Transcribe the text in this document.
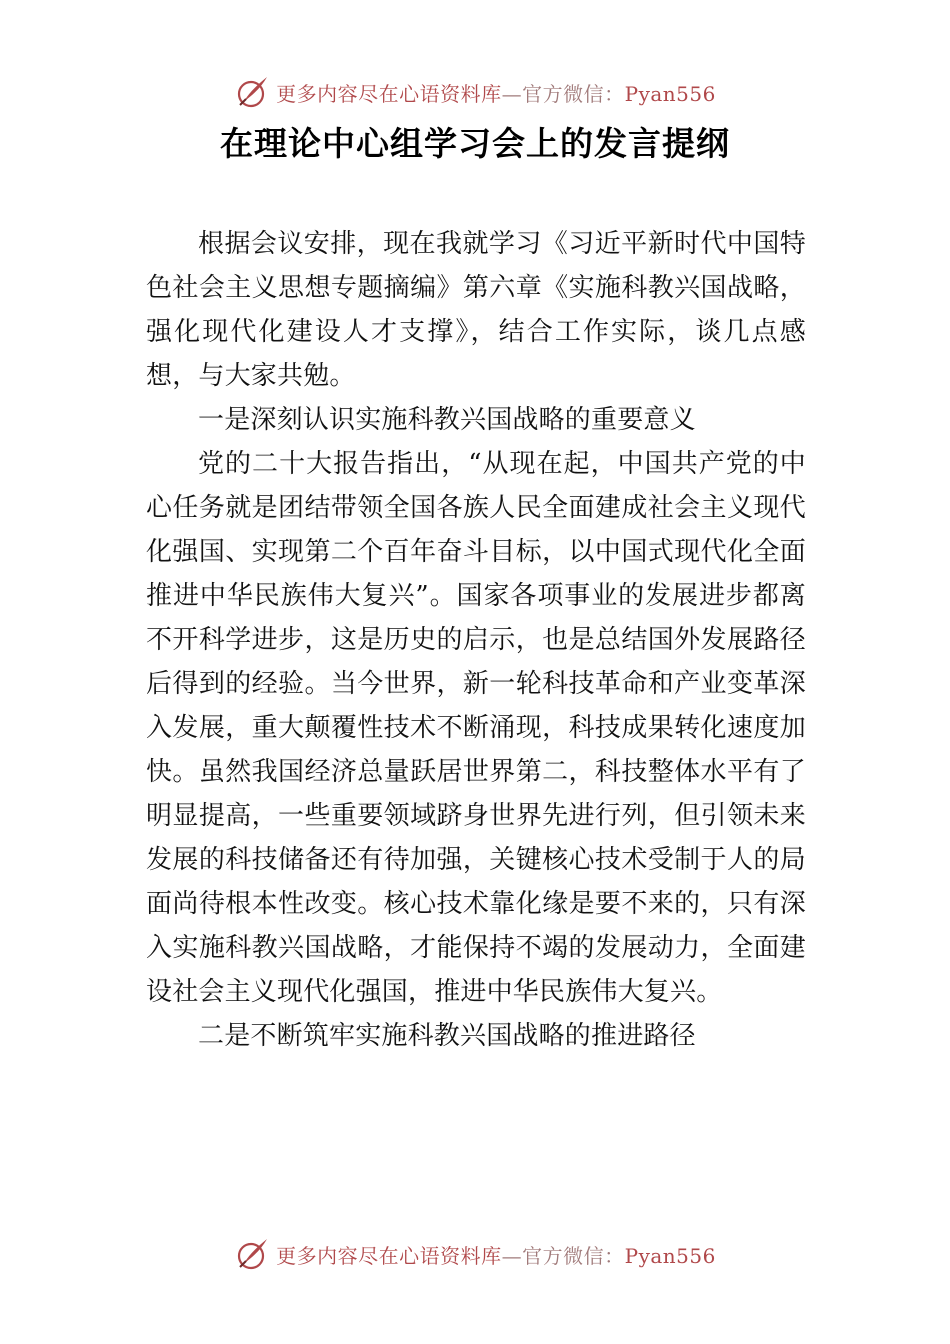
更多内容尽在心语资料库—官方微信：Pyan556
在理论中心组学习会上的发言提纲

根据会议安排，现在我就学习《习近平新时代中国特色社会主义思想专题摘编》第六章《实施科教兴国战略，强化现代化建设人才支撑》，结合工作实际，谈几点感想，与大家共勉。

一是深刻认识实施科教兴国战略的重要意义

党的二十大报告指出，“从现在起，中国共产党的中心任务就是团结带领全国各族人民全面建成社会主义现代化强国、实现第二个百年奋斗目标，以中国式现代化全面推进中华民族伟大复兴”。国家各项事业的发展进步都离不开科学进步，这是历史的启示，也是总结国外发展路径后得到的经验。当今世界，新一轮科技革命和产业变革深入发展，重大颠覆性技术不断涌现，科技成果转化速度加快。虽然我国经济总量跃居世界第二，科技整体水平有了明显提高，一些重要领域跻身世界先进行列，但引领未来发展的科技储备还有待加强，关键核心技术受制于人的局面尚待根本性改变。核心技术靠化缘是要不来的，只有深入实施科教兴国战略，才能保持不竭的发展动力，全面建设社会主义现代化强国，推进中华民族伟大复兴。

二是不断筑牢实施科教兴国战略的推进路径

更多内容尽在心语资料库—官方微信：Pyan556
